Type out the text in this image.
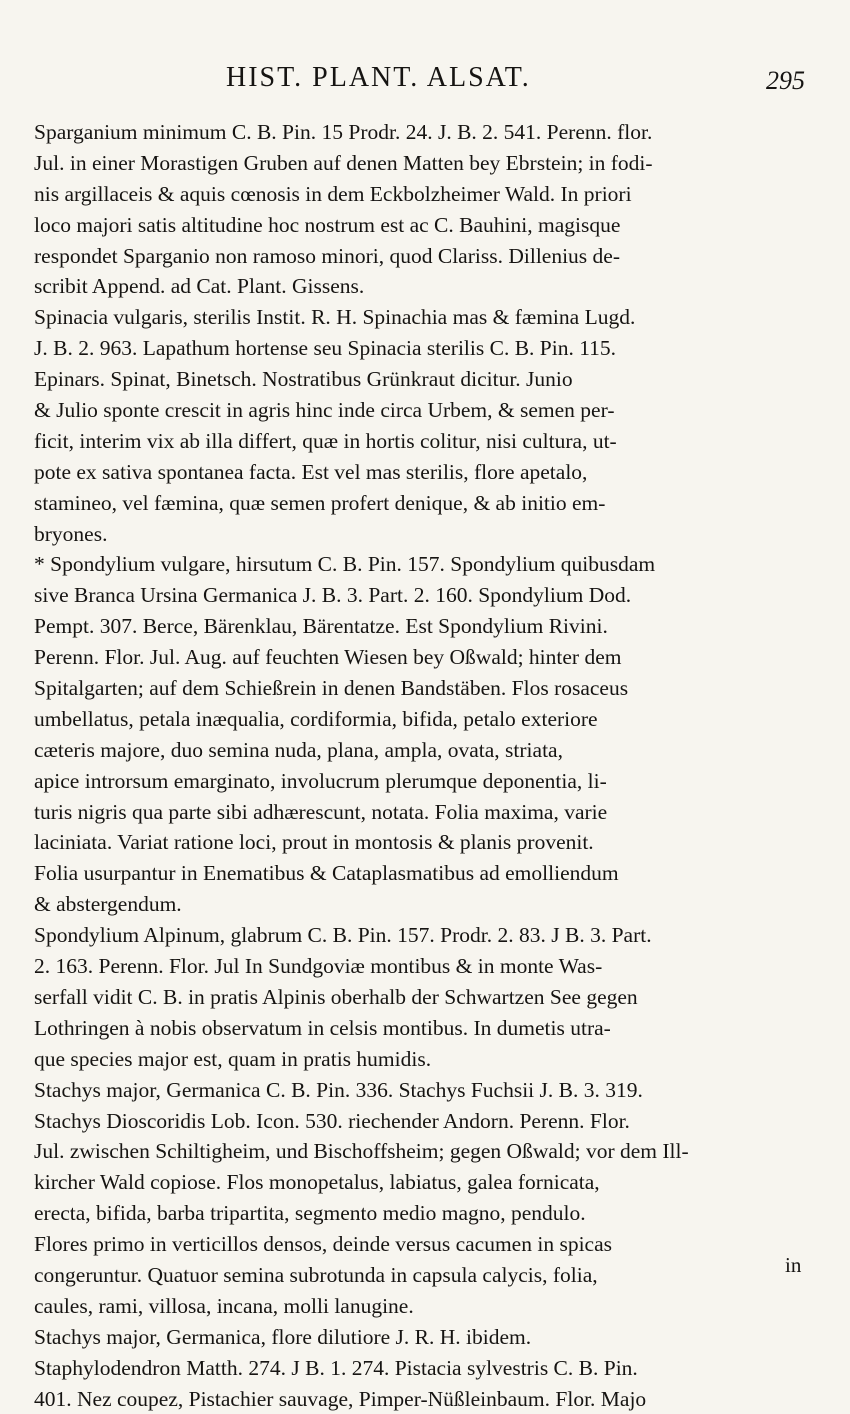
HIST. PLANT. ALSAT.	295
Sparganium minimum C. B. Pin. 15 Prodr. 24. J. B. 2. 541. Perenn. flor.
Jul. in einer Morastigen Gruben auf denen Matten bey Ebrstein; in fodi-
nis argillaceis & aquis cœnosis in dem Eckbolzheimer Wald. In priori
loco majori satis altitudine hoc nostrum est ac C. Bauhini, magisque
respondet Sparganio non ramoso minori, quod Clariss. Dillenius de-
scribit Append. ad Cat. Plant. Gissens.
Spinacia vulgaris, sterilis Instit. R. H. Spinachia mas & fæmina Lugd.
J. B. 2. 963. Lapathum hortense seu Spinacia sterilis C. B. Pin. 115.
Epinars. Spinat, Binetsch. Nostratibus Grünkraut dicitur. Junio
& Julio sponte crescit in agris hinc inde circa Urbem, & semen per-
ficit, interim vix ab illa differt, quæ in hortis colitur, nisi cultura, ut-
pote ex sativa spontanea facta. Est vel mas sterilis, flore apetalo,
stamineo, vel fæmina, quæ semen profert denique, & ab initio em-
bryones.
* Spondylium vulgare, hirsutum C. B. Pin. 157. Spondylium quibusdam
sive Branca Ursina Germanica J. B. 3. Part. 2. 160. Spondylium Dod.
Pempt. 307. Berce, Bärenklau, Bärentatze. Est Spondylium Rivini.
Perenn. Flor. Jul. Aug. auf feuchten Wiesen bey Oßwald; hinter dem
Spitalgarten; auf dem Schießrein in denen Bandstäben. Flos rosaceus
umbellatus, petala inæqualia, cordiformia, bifida, petalo exteriore
cæteris majore, duo semina nuda, plana, ampla, ovata, striata,
apice introrsum emarginato, involucrum plerumque deponentia, li-
turis nigris qua parte sibi adhærescunt, notata. Folia maxima, varie
laciniata. Variat ratione loci, prout in montosis & planis provenit.
Folia usurpantur in Enematibus & Cataplasmatibus ad emolliendum
& abstergendum.
Spondylium Alpinum, glabrum C. B. Pin. 157. Prodr. 2. 83. J B. 3. Part.
2. 163. Perenn. Flor. Jul In Sundgoviæ montibus & in monte Was-
serfall vidit C. B. in pratis Alpinis oberhalb der Schwartzen See gegen
Lothringen à nobis observatum in celsis montibus. In dumetis utra-
que species major est, quam in pratis humidis.
Stachys major, Germanica C. B. Pin. 336. Stachys Fuchsii J. B. 3. 319.
Stachys Dioscoridis Lob. Icon. 530. riechender Andorn. Perenn. Flor.
Jul. zwischen Schiltigheim, und Bischoffsheim; gegen Oßwald; vor dem Ill-
kircher Wald copiose. Flos monopetalus, labiatus, galea fornicata,
erecta, bifida, barba tripartita, segmento medio magno, pendulo.
Flores primo in verticillos densos, deinde versus cacumen in spicas
congeruntur. Quatuor semina subrotunda in capsula calycis, folia,
caules, rami, villosa, incana, molli lanugine.
Stachys major, Germanica, flore dilutiore J. R. H. ibidem.
Staphylodendron Matth. 274. J B. 1. 274. Pistacia sylvestris C. B. Pin.
401. Nez coupez, Pistachier sauvage, Pimper-Nüßleinbaum. Flor. Majo
in
